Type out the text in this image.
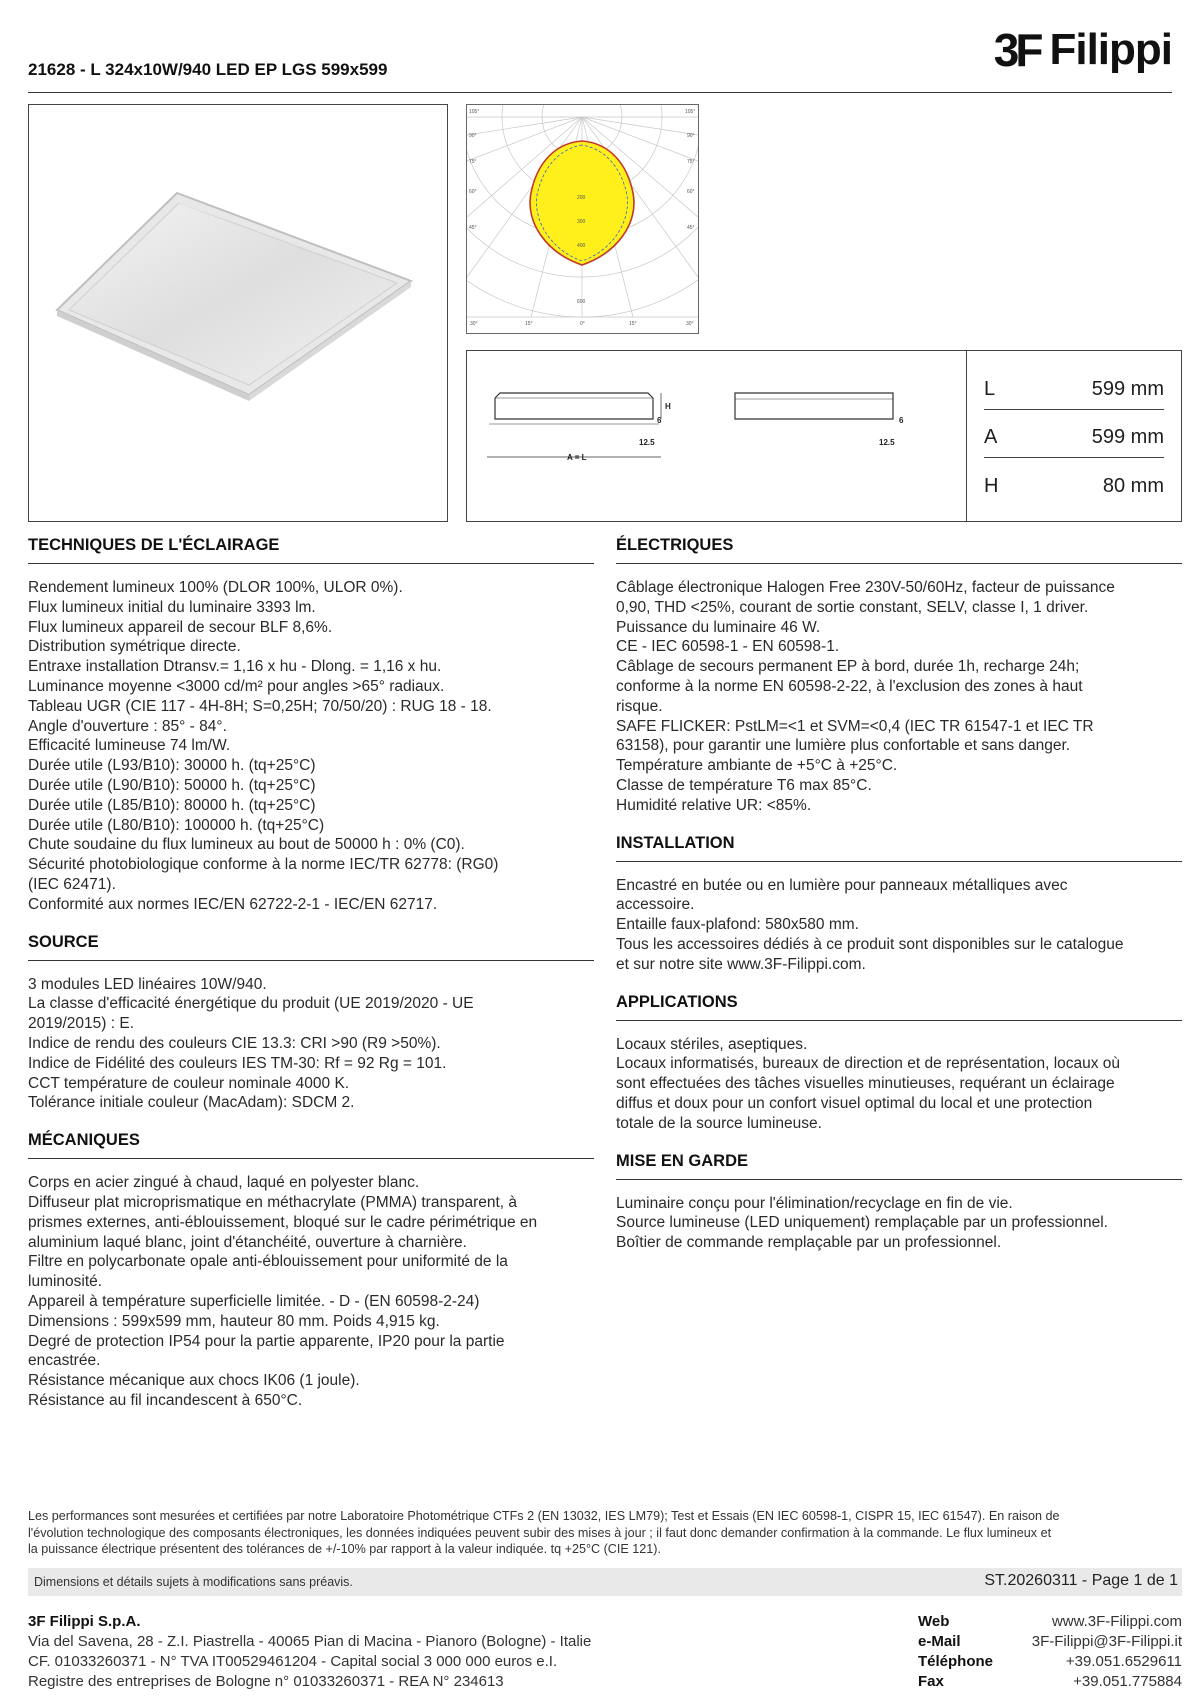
21628 - L 324x10W/940 LED EP LGS 599x599	3F Filippi
105°
90°
75°
60°
45°
105°
90°
75°
60°
45°
30°	15°	0°	15°	30°
200
300
400
600
H
6	6
12.5	12.5
A = L
L	599 mm
A	599 mm
H	80 mm
TECHNIQUES DE L'ÉCLAIRAGE

Rendement lumineux 100% (DLOR 100%, ULOR 0%).

Flux lumineux initial du luminaire 3393 lm.

Flux lumineux appareil de secour BLF 8,6%.

Distribution symétrique directe.

Entraxe installation Dtransv.= 1,16 x hu - Dlong. = 1,16 x hu.

Luminance moyenne <3000 cd/m² pour angles >65° radiaux.

Tableau UGR (CIE 117 - 4H-8H; S=0,25H; 70/50/20) : RUG 18 - 18.

Angle d'ouverture : 85° - 84°.

Efficacité lumineuse 74 lm/W.

Durée utile (L93/B10): 30000 h. (tq+25°C)

Durée utile (L90/B10): 50000 h. (tq+25°C)

Durée utile (L85/B10): 80000 h. (tq+25°C)

Durée utile (L80/B10): 100000 h. (tq+25°C)

Chute soudaine du flux lumineux au bout de 50000 h : 0% (C0).

Sécurité photobiologique conforme à la norme IEC/TR 62778: (RG0)

(IEC 62471).

Conformité aux normes IEC/EN 62722-2-1 - IEC/EN 62717.

SOURCE

3 modules LED linéaires 10W/940.

La classe d'efficacité énergétique du produit (UE 2019/2020 - UE

2019/2015) : E.

Indice de rendu des couleurs CIE 13.3: CRI >90 (R9 >50%).

Indice de Fidélité des couleurs IES TM-30: Rf = 92 Rg = 101.

CCT température de couleur nominale 4000 K.

Tolérance initiale couleur (MacAdam): SDCM 2.

MÉCANIQUES

Corps en acier zingué à chaud, laqué en polyester blanc.

Diffuseur plat microprismatique en méthacrylate (PMMA) transparent, à

prismes externes, anti-éblouissement, bloqué sur le cadre périmétrique en

aluminium laqué blanc, joint d'étanchéité, ouverture à charnière.

Filtre en polycarbonate opale anti-éblouissement pour uniformité de la

luminosité.

Appareil à température superficielle limitée. - D - (EN 60598-2-24)

Dimensions : 599x599 mm, hauteur 80 mm. Poids 4,915 kg.

Degré de protection IP54 pour la partie apparente, IP20 pour la partie

encastrée.

Résistance mécanique aux chocs IK06 (1 joule).

Résistance au fil incandescent à 650°C.

ÉLECTRIQUES

Câblage électronique Halogen Free 230V-50/60Hz, facteur de puissance

0,90, THD <25%, courant de sortie constant, SELV, classe I, 1 driver.

Puissance du luminaire 46 W.

CE - IEC 60598-1 - EN 60598-1.

Câblage de secours permanent EP à bord, durée 1h, recharge 24h;

conforme à la norme EN 60598-2-22, à l'exclusion des zones à haut

risque.

SAFE FLICKER: PstLM=<1 et SVM=<0,4 (IEC TR 61547-1 et IEC TR

63158), pour garantir une lumière plus confortable et sans danger.

Température ambiante de +5°C à +25°C.

Classe de température T6 max 85°C.

Humidité relative UR: <85%.

INSTALLATION

Encastré en butée ou en lumière pour panneaux métalliques avec

accessoire.

Entaille faux-plafond: 580x580 mm.

Tous les accessoires dédiés à ce produit sont disponibles sur le catalogue

et sur notre site www.3F-Filippi.com.

APPLICATIONS

Locaux stériles, aseptiques.

Locaux informatisés, bureaux de direction et de représentation, locaux où

sont effectuées des tâches visuelles minutieuses, requérant un éclairage

diffus et doux pour un confort visuel optimal du local et une protection

totale de la source lumineuse.

MISE EN GARDE

Luminaire conçu pour l'élimination/recyclage en fin de vie.

Source lumineuse (LED uniquement) remplaçable par un professionnel.

Boîtier de commande remplaçable par un professionnel.

Les performances sont mesurées et certifiées par notre Laboratoire Photométrique CTFs 2 (EN 13032, IES LM79); Test et Essais (EN IEC 60598-1, CISPR 15, IEC 61547). En raison de
l'évolution technologique des composants électroniques, les données indiquées peuvent subir des mises à jour ; il faut donc demander confirmation à la commande. Le flux lumineux et
la puissance électrique présentent des tolérances de +/-10% par rapport à la valeur indiquée. tq +25°C (CIE 121).
Dimensions et détails sujets à modifications sans préavis.	ST.20260311 - Page 1 de 1
3F Filippi S.p.A.
Via del Savena, 28 - Z.I. Piastrella - 40065 Pian di Macina - Pianoro (Bologne) - Italie
CF. 01033260371 - N° TVA IT00529461204 - Capital social 3 000 000 euros e.I.
Registre des entreprises de Bologne n° 01033260371 - REA N° 234613
Web	www.3F-Filippi.com
e-Mail	3F-Filippi@3F-Filippi.it
Téléphone	+39.051.6529611
Fax	+39.051.775884
